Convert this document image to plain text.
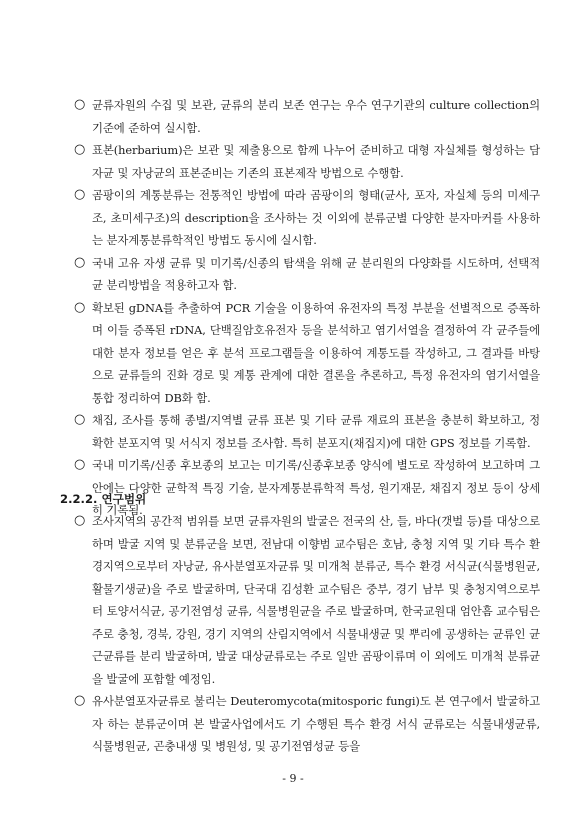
○ 균류자원의 수집 및 보관, 균류의 분리 보존 연구는 우수 연구기관의 culture collection의 기준에 준하여 실시함.
○ 표본(herbarium)은 보관 및 제출용으로 함께 나누어 준비하고 대형 자실체를 형성하는 담자균 및 자낭균의 표본준비는 기존의 표본제작 방법으로 수행함.
○ 곰팡이의 계통분류는 전통적인 방법에 따라 곰팡이의 형태(균사, 포자, 자실체 등의 미세구조, 초미세구조)의 description을 조사하는 것 이외에 분류군별 다양한 분자마커를 사용하는 분자계통분류학적인 방법도 동시에 실시함.
○ 국내 고유 자생 균류 및 미기록/신종의 탐색을 위해 균 분리원의 다양화를 시도하며, 선택적 균 분리방법을 적용하고자 함.
○ 확보된 gDNA를 추출하여 PCR 기술을 이용하여 유전자의 특정 부분을 선별적으로 증폭하며 이들 증폭된 rDNA, 단백질암호유전자 등을 분석하고 염기서열을 결정하여 각 균주들에 대한 분자 정보를 얻은 후 분석 프로그램들을 이용하여 계통도를 작성하고, 그 결과를 바탕으로 균류들의 진화 경로 및 계통 관계에 대한 결론을 추론하고, 특정 유전자의 염기서열을 통합 정리하여 DB화 함.
○ 채집, 조사를 통해 종별/지역별 균류 표본 및 기타 균류 재료의 표본을 충분히 확보하고, 정확한 분포지역 및 서식지 정보를 조사함. 특히 분포지(채집지)에 대한 GPS 정보를 기록함.
○ 국내 미기록/신종 후보종의 보고는 미기록/신종후보종 양식에 별도로 작성하여 보고하며 그 안에는 다양한 균학적 특징 기술, 분자계통분류학적 특성, 원기재문, 채집지 정보 등이 상세히 기록됨.
2.2.2. 연구범위
○ 조사지역의 공간적 범위를 보면 균류자원의 발굴은 전국의 산, 들, 바다(갯벌 등)를 대상으로 하며 발굴 지역 및 분류군을 보면, 전남대 이향범 교수팀은 호남, 충청 지역 및 기타 특수 환경지역으로부터 자낭균, 유사분열포자균류 및 미개척 분류군, 특수 환경 서식균(식물병원균, 활물기생균)을 주로 발굴하며, 단국대 김성환 교수팀은 중부, 경기 남부 및 충청지역으로부터 토양서식균, 공기전염성 균류, 식물병원균을 주로 발굴하며, 한국교원대 엄안흠 교수팀은 주로 충청, 경북, 강원, 경기 지역의 산림지역에서 식물내생균 및 뿌리에 공생하는 균류인 균근균류를 분리 발굴하며, 발굴 대상균류로는 주로 일반 곰팡이류며 이 외에도 미개척 분류균을 발굴에 포함할 예정임.
○ 유사분열포자균류로 불리는 Deuteromycota(mitosporic fungi)도 본 연구에서 발굴하고자 하는 분류군이며 본 발굴사업에서도 기 수행된 특수 환경 서식 균류로는 식물내생균류, 식물병원균, 곤충내생 및 병원성, 및 공기전염성균 등을
- 9 -
